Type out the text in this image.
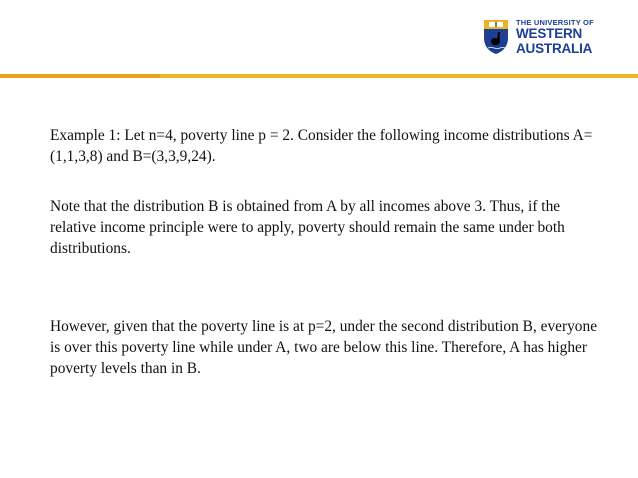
THE UNIVERSITY OF
WESTERN
AUSTRALIA

Example 1: Let n=4, poverty line p = 2. Consider the following income distributions A=(1,1,3,8) and B=(3,3,9,24).

Note that the distribution B is obtained from A by all incomes above 3. Thus, if the relative income principle were to apply, poverty should remain the same under both distributions.

However, given that the poverty line is at p=2, under the second distribution B, everyone is over this poverty line while under A, two are below this line. Therefore, A has higher poverty levels than in B.
